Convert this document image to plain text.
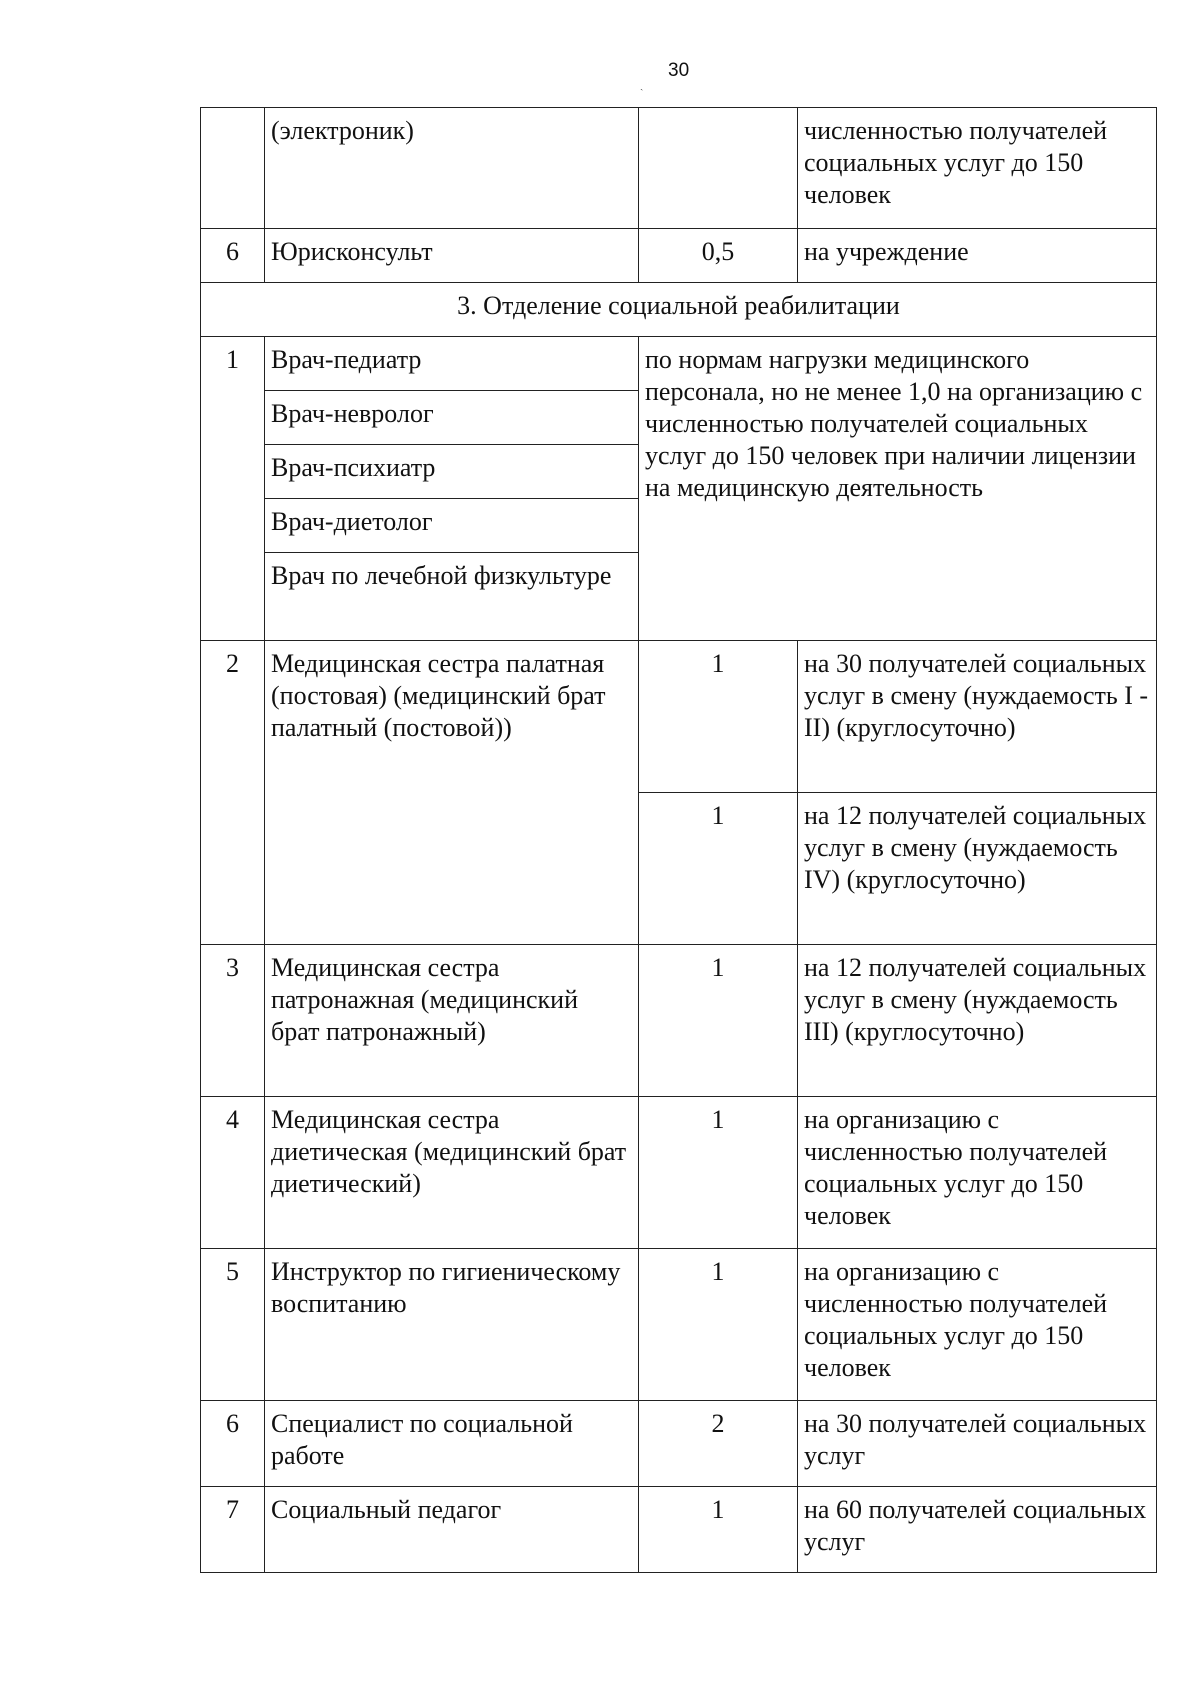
30
ˎ
	(электроник)		численностью получателей социальных услуг до 150 человек
6	Юрисконсульт	0,5	на учреждение
3. Отделение социальной реабилитации			
1	Врач-педиатр	по нормам нагрузки медицинского персонала, но не менее 1,0 на организацию с численностью получателей социальных услуг до 150 человек при наличии лицензии на медицинскую деятельность	
	Врач-невролог		
	Врач-психиатр		
	Врач-диетолог		
	Врач по лечебной физкультуре		
2	Медицинская сестра палатная (постовая) (медицинский брат палатный (постовой))	1	на 30 получателей социальных услуг в смену (нуждаемость I - II) (круглосуточно)
		1	на 12 получателей социальных услуг в смену (нуждаемость IV) (круглосуточно)
3	Медицинская сестра патронажная (медицинский брат патронажный)	1	на 12 получателей социальных услуг в смену (нуждаемость III) (круглосуточно)
4	Медицинская сестра диетическая (медицинский брат диетический)	1	на организацию с численностью получателей социальных услуг до 150 человек
5	Инструктор по гигиеническому воспитанию	1	на организацию с численностью получателей социальных услуг до 150 человек
6	Специалист по социальной работе	2	на 30 получателей социальных услуг
7	Социальный педагог	1	на 60 получателей социальных услуг
